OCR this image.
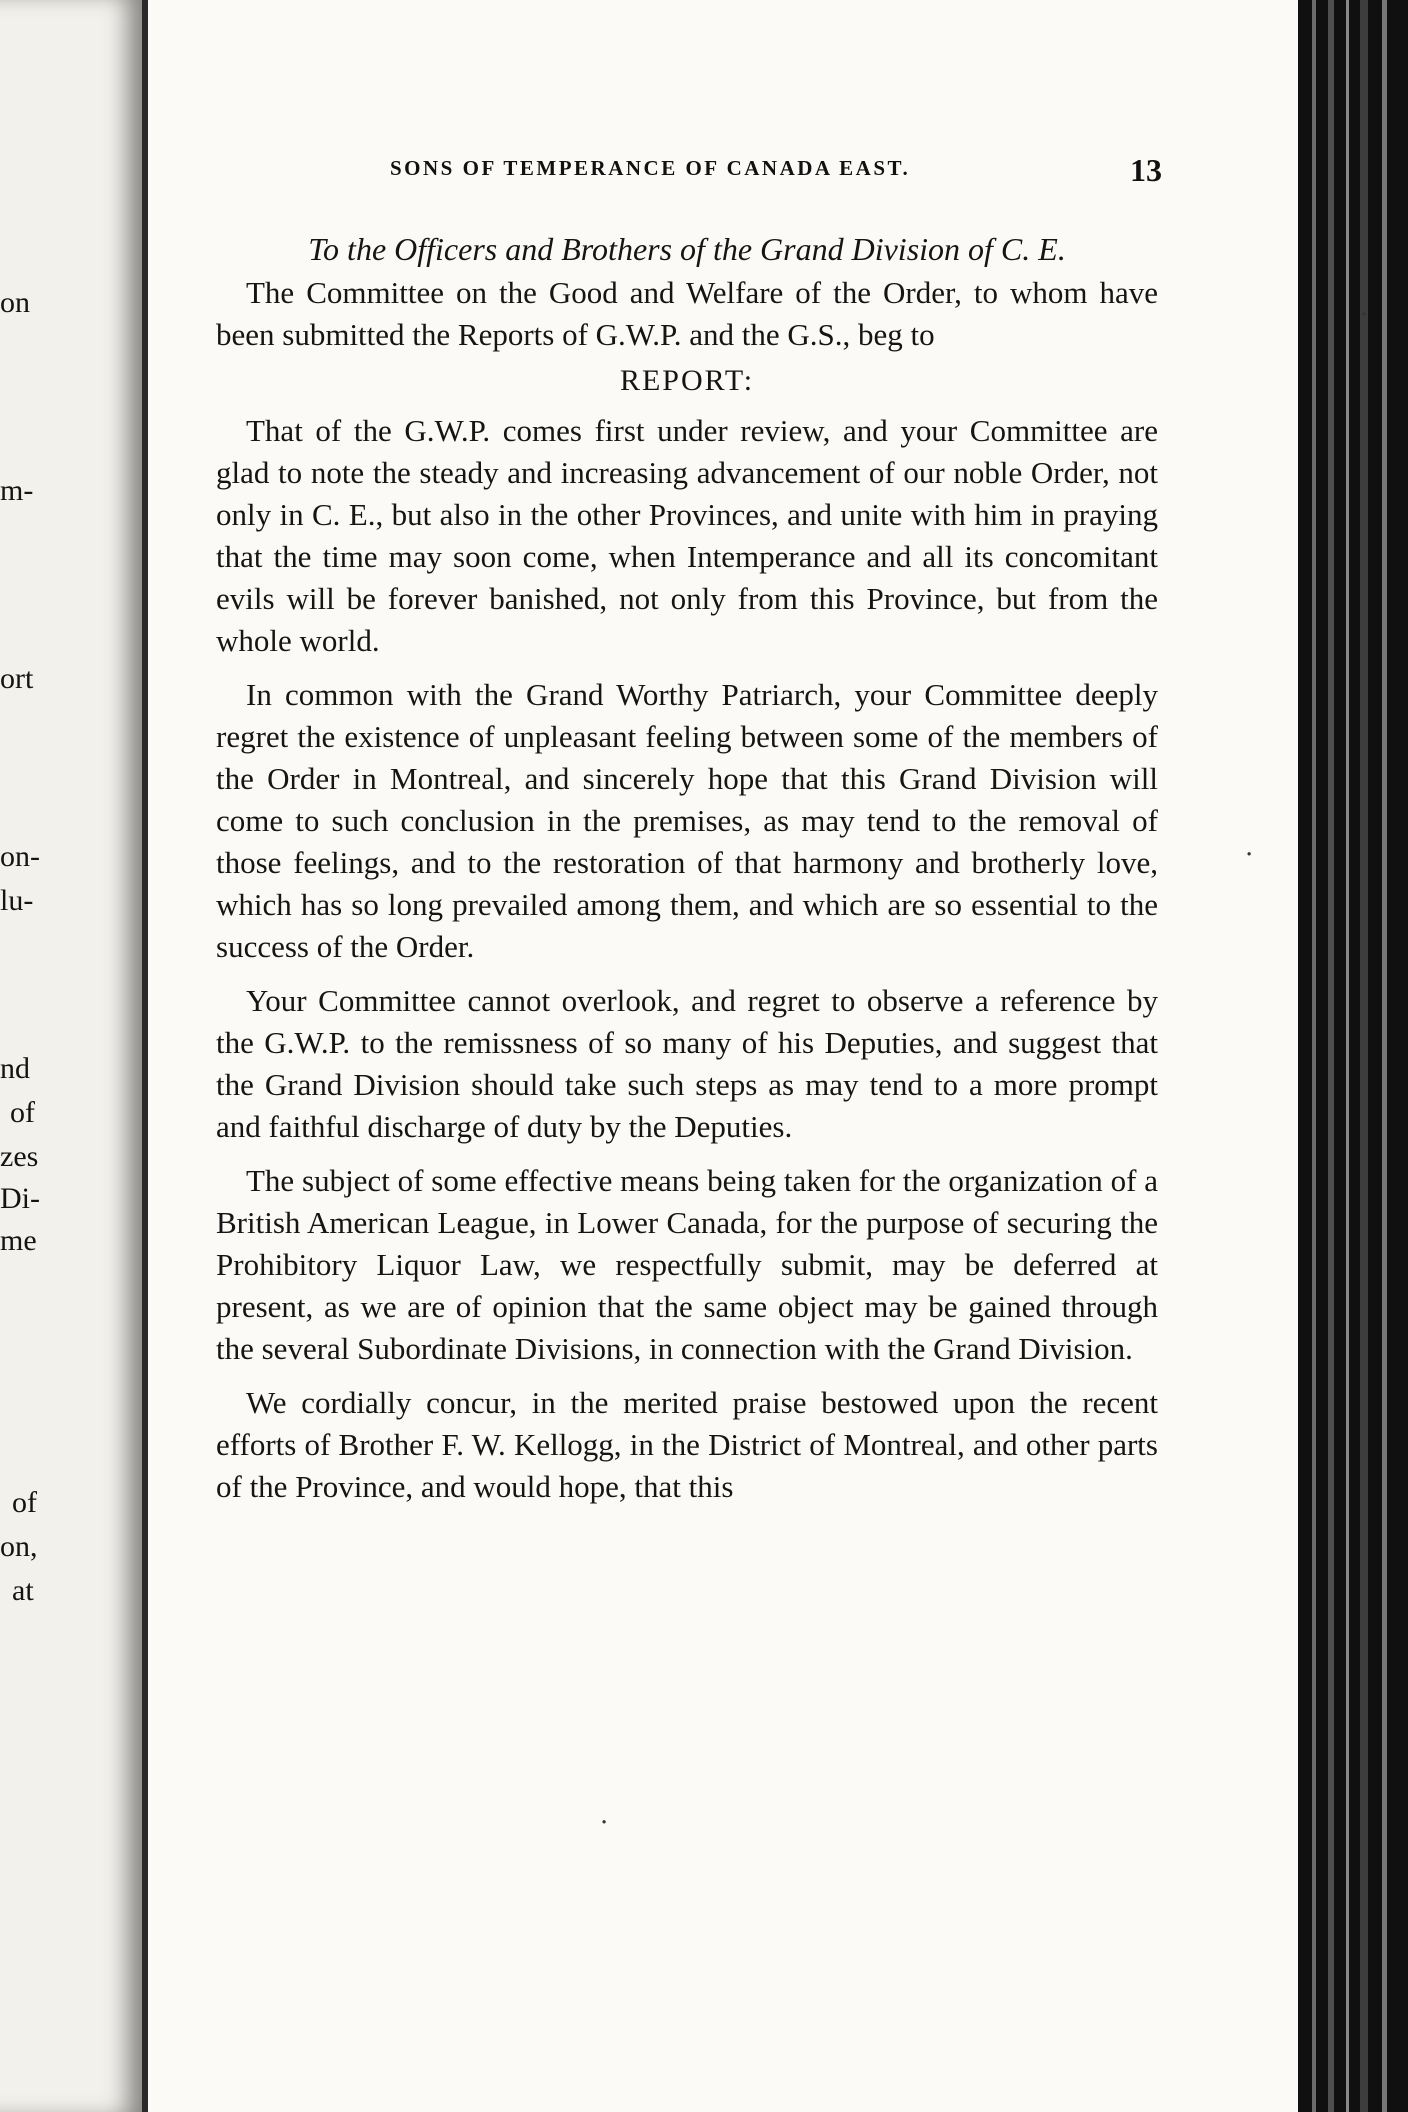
on
m-
ort
on-
lu-
nd
of
zes
Di-
me
of
on,
at
·
·
·
SONS OF TEMPERANCE OF CANADA EAST.	13

To the Officers and Brothers of the Grand Division of C. E.

The Committee on the Good and Welfare of the Order, to whom have been submitted the Reports of G.W.P. and the G.S., beg to

REPORT:

That of the G.W.P. comes first under review, and your Committee are glad to note the steady and increasing advancement of our noble Order, not only in C. E., but also in the other Provinces, and unite with him in praying that the time may soon come, when Intemperance and all its concomitant evils will be forever banished, not only from this Province, but from the whole world.

In common with the Grand Worthy Patriarch, your Committee deeply regret the existence of unpleasant feeling between some of the members of the Order in Montreal, and sincerely hope that this Grand Division will come to such conclusion in the premises, as may tend to the removal of those feelings, and to the restoration of that harmony and brotherly love, which has so long prevailed among them, and which are so essential to the success of the Order.

Your Committee cannot overlook, and regret to observe a reference by the G.W.P. to the remissness of so many of his Deputies, and suggest that the Grand Division should take such steps as may tend to a more prompt and faithful discharge of duty by the Deputies.

The subject of some effective means being taken for the organization of a British American League, in Lower Canada, for the purpose of securing the Prohibitory Liquor Law, we respectfully submit, may be deferred at present, as we are of opinion that the same object may be gained through the several Subordinate Divisions, in connection with the Grand Division.

We cordially concur, in the merited praise bestowed upon the recent efforts of Brother F. W. Kellogg, in the District of Montreal, and other parts of the Province, and would hope, that this
